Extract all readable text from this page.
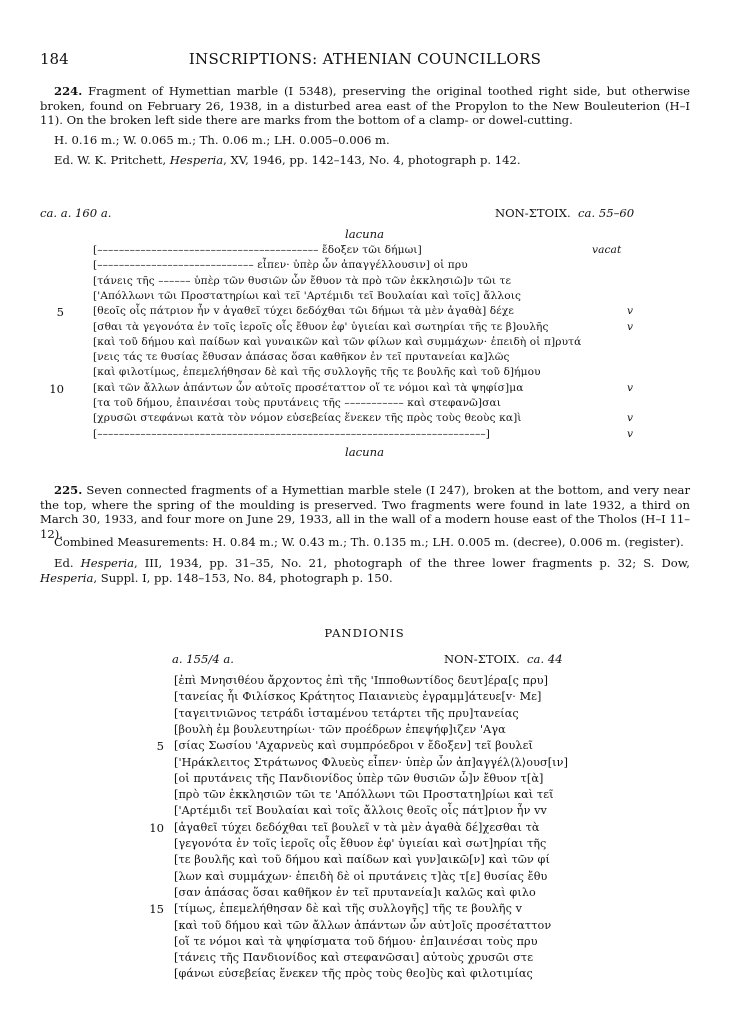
184	INSCRIPTIONS: ATHENIAN COUNCILLORS
224. Fragment of Hymettian marble (I 5348), preserving the original toothed right side, but otherwise broken, found on February 26, 1938, in a disturbed area east of the Propylon to the New Bouleuterion (H–I 11). On the broken left side there are marks from the bottom of a clamp- or dowel-cutting.
H. 0.16 m.; W. 0.065 m.; Th. 0.06 m.; LH. 0.005–0.006 m.
Ed. W. K. Pritchett, Hesperia, XV, 1946, pp. 142–143, No. 4, photograph p. 142.
ca. a. 160 a.	NON-ΣΤΟΙΧ. ca. 55–60
lacuna
[––––––––––––––––––––––––––––––––––––––––– ἔδοξεν τῶι δήμωι]	vacat
[––––––––––––––––––––––––––––– εἶπεν· ὑπὲρ ὧν ἀπαγγέλλουσιν] οἱ πρυ
[τάνεις τῆς –––––– ὑπὲρ τῶν θυσιῶν ὧν ἔθυον τὰ πρὸ τῶν ἐκκλησιῶ]ν τῶι τε
['Απόλλωνι τῶι Προστατηρίωι καὶ τεῖ 'Αρτέμιδι τεῖ Βουλαίαι καὶ τοῖς] ἄλλοις
5	[θεοῖς οἷς πάτριον ἦν v ἀγαθεῖ τύχει δεδόχθαι τῶι δήμωι τὰ μὲν ἀγαθὰ] δέχε	v
[σθαι τὰ γεγονότα ἐν τοῖς ἱεροῖς οἷς ἔθυον ἐφ' ὑγιείαι καὶ σωτηρίαι τῆς τε β]ουλῆς	v
[καὶ τοῦ δήμου καὶ παίδων καὶ γυναικῶν καὶ τῶν φίλων καὶ συμμάχων· ἐπειδὴ οἱ π]ρυτά
[νεις τάς τε θυσίας ἔθυσαν ἁπάσας ὅσαι καθῆκον ἐν τεῖ πρυτανείαι κα]λῶς
[καὶ φιλοτίμως, ἐπεμελήθησαν δὲ καὶ τῆς συλλογῆς τῆς τε βουλῆς καὶ τοῦ δ]ήμου
10	[καὶ τῶν ἄλλων ἁπάντων ὧν αὐτοῖς προσέταττον οἵ τε νόμοι καὶ τὰ ψηφίσ]μα	v
[τα τοῦ δήμου, ἐπαινέσαι τοὺς πρυτάνεις τῆς ––––––––––– καὶ στεφανῶ]σαι
[χρυσῶι στεφάνωι κατὰ τὸν νόμον εὐσεβείας ἕνεκεν τῆς πρὸς τοὺς θεοὺς κα]ὶ	v
[––––––––––––––––––––––––––––––––––––––––––––––––––––––––––––––––––––––––]	v
lacuna
225. Seven connected fragments of a Hymettian marble stele (I 247), broken at the bottom, and very near the top, where the spring of the moulding is preserved. Two fragments were found in late 1932, a third on March 30, 1933, and four more on June 29, 1933, all in the wall of a modern house east of the Tholos (H–I 11–12).
Combined Measurements: H. 0.84 m.; W. 0.43 m.; Th. 0.135 m.; LH. 0.005 m. (decree), 0.006 m. (register).
Ed. Hesperia, III, 1934, pp. 31–35, No. 21, photograph of the three lower fragments p. 32; S. Dow, Hesperia, Suppl. I, pp. 148–153, No. 84, photograph p. 150.
PANDIONIS
a. 155/4 a.	NON-ΣΤΟΙΧ. ca. 44
[ἐπὶ Μνησιθέου ἄρχοντος ἐπὶ τῆς 'Ιπποθωντίδος δευτ]έρα[ς πρυ]
[τανείας ἧι Φιλίσκος Κράτητος Παιανιεὺς ἐγραμμ]άτευε[v· Με]
[ταγειτνιῶνος τετράδι ἱσταμένου τετάρτει τῆς πρυ]τανείας
[βουλὴ ἐμ βουλευτηρίωι· τῶν προέδρων ἐπεψήφ]ιζεν 'Αγα
5 [σίας Σωσίου 'Αχαρνεὺς καὶ συμπρόεδροι v ἔδοξεν] τεῖ βουλεῖ
['Ηράκλειτος Στράτωνος Φλυεὺς εἶπεν· ὑπὲρ ὧν ἀπ]αγγέλ⟨λ⟩ουσ[ιν]
[οἱ πρυτάνεις τῆς Πανδιονίδος ὑπὲρ τῶν θυσιῶν ὧ]ν ἔθυον τ[ὰ]
[πρὸ τῶν ἐκκλησιῶν τῶι τε 'Απόλλωνι τῶι Προστατη]ρίωι καὶ τεῖ
['Αρτέμιδι τεῖ Βουλαίαι καὶ τοῖς ἄλλοις θεοῖς οἷς πάτ]ριον ἦν vv
10 [ἀγαθεῖ τύχει δεδόχθαι τεῖ βουλεῖ v τὰ μὲν ἀγαθὰ δέ]χεσθαι τὰ
[γεγονότα ἐν τοῖς ἱεροῖς οἷς ἔθυον ἐφ' ὑγιείαι καὶ σωτ]ηρίαι τῆς
[τε βουλῆς καὶ τοῦ δήμου καὶ παίδων καὶ γυν]αικῶ[ν] καὶ τῶν φί
[λων καὶ συμμάχων· ἐπειδὴ δὲ οἱ πρυτάνεις τ]ὰς τ[ε] θυσίας ἔθυ
[σαν ἁπάσας ὅσαι καθῆκον ἐν τεῖ πρυτανεία]ι καλῶς καὶ φιλο
15 [τίμως, ἐπεμελήθησαν δὲ καὶ τῆς συλλογῆς] τῆς τε βουλῆς v
[καὶ τοῦ δήμου καὶ τῶν ἄλλων ἁπάντων ὧν αὐτ]οῖς προσέταττον
[οἵ τε νόμοι καὶ τὰ ψηφίσματα τοῦ δήμου· ἐπ]αινέσαι τοὺς πρυ
[τάνεις τῆς Πανδιονίδος καὶ στεφανῶσαι] αὐτοὺς χρυσῶι στε
[φάνωι εὐσεβείας ἕνεκεν τῆς πρὸς τοὺς θεο]ὺς καὶ φιλοτιμίας
